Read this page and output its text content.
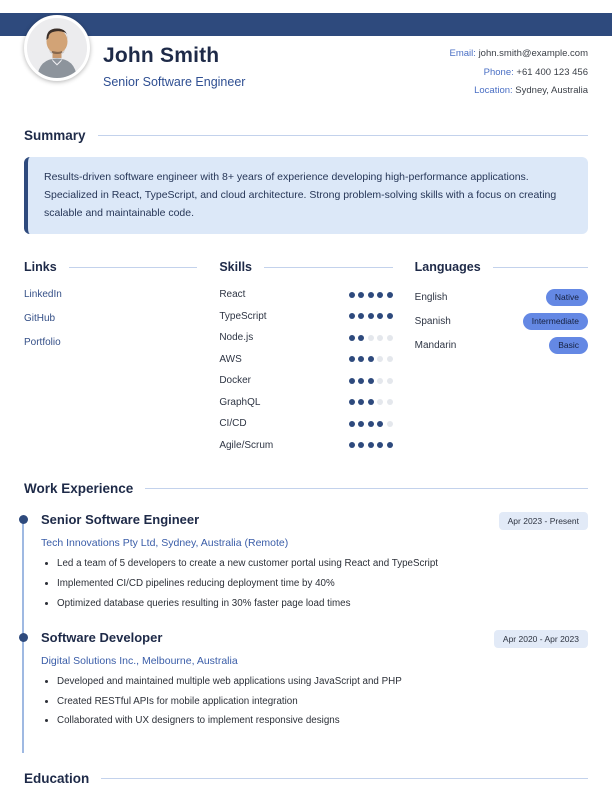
John Smith
Senior Software Engineer
Email: john.smith@example.com
Phone: +61 400 123 456
Location: Sydney, Australia
Summary
Results-driven software engineer with 8+ years of experience developing high-performance applications. Specialized in React, TypeScript, and cloud architecture. Strong problem-solving skills with a focus on creating scalable and maintainable code.
Links
LinkedIn
GitHub
Portfolio
Skills
React
TypeScript
Node.js
AWS
Docker
GraphQL
CI/CD
Agile/Scrum
Languages
English	Native
Spanish	Intermediate
Mandarin	Basic
Work Experience
Senior Software Engineer	Apr 2023 - Present
Tech Innovations Pty Ltd, Sydney, Australia (Remote)
• Led a team of 5 developers to create a new customer portal using React and TypeScript
• Implemented CI/CD pipelines reducing deployment time by 40%
• Optimized database queries resulting in 30% faster page load times
Software Developer	Apr 2020 - Apr 2023
Digital Solutions Inc., Melbourne, Australia
• Developed and maintained multiple web applications using JavaScript and PHP
• Created RESTful APIs for mobile application integration
• Collaborated with UX designers to implement responsive designs
Education
